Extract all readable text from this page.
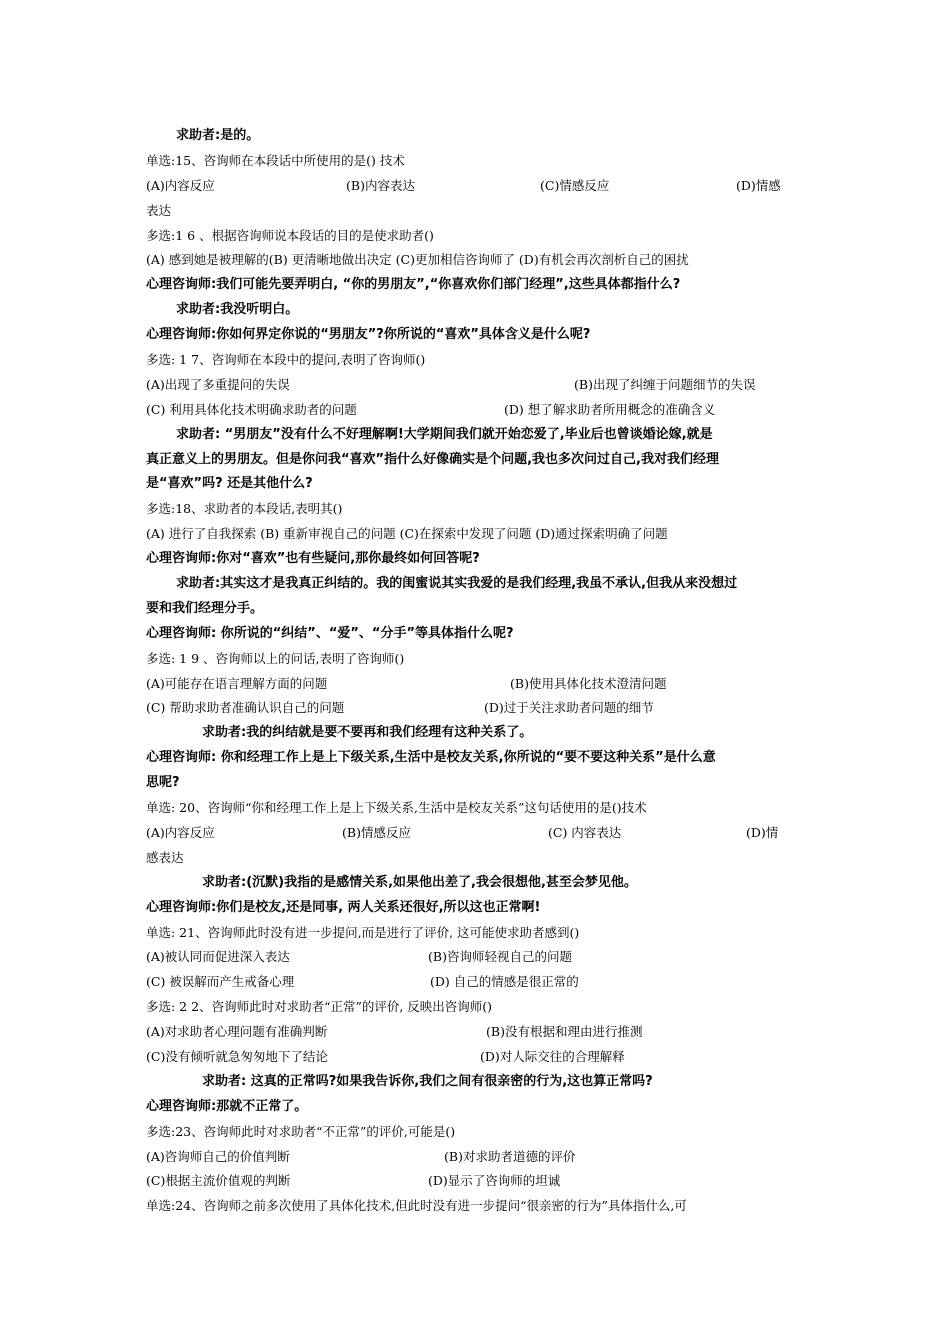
求助者:是的。
单选:15、咨询师在本段话中所使用的是() 技术
(A)内容反应	(B)内容表达	(C)情感反应	(D)情感
表达
多选:1 6 、根据咨询师说本段话的目的是使求助者()
(A) 感到她是被理解的(B) 更清晰地做出决定 (C)更加相信咨询师了 (D)有机会再次剖析自己的困扰
心理咨询师:我们可能先要弄明白, “你的男朋友”,“你喜欢你们部门经理”,这些具体都指什么?
求助者:我没听明白。
心理咨询师:你如何界定你说的“男朋友”?你所说的“喜欢”具体含义是什么呢?
多选: 1 7、咨询师在本段中的提问,表明了咨询师()
(A)出现了多重提问的失误	(B)出现了纠缠于问题细节的失误
(C) 利用具体化技术明确求助者的问题	(D) 想了解求助者所用概念的准确含义
求助者: “男朋友”没有什么不好理解啊!大学期间我们就开始恋爱了,毕业后也曾谈婚论嫁,就是
真正意义上的男朋友。但是你问我“喜欢”指什么好像确实是个问题,我也多次问过自己,我对我们经理
是“喜欢”吗? 还是其他什么?
多选:18、求助者的本段话,表明其()
(A) 进行了自我探索 (B) 重新审视自己的问题 (C)在探索中发现了问题 (D)通过探索明确了问题
心理咨询师:你对“喜欢”也有些疑问,那你最终如何回答呢?
求助者:其实这才是我真正纠结的。我的闺蜜说其实我爱的是我们经理,我虽不承认,但我从来没想过
要和我们经理分手。
心理咨询师: 你所说的“纠结”、“爱”、“分手”等具体指什么呢?
多选: 1 9 、咨询师以上的问话,表明了咨询师()
(A)可能存在语言理解方面的问题	(B)使用具体化技术澄清问题
(C) 帮助求助者准确认识自己的问题	(D)过于关注求助者问题的细节
求助者:我的纠结就是要不要再和我们经理有这种关系了。
心理咨询师: 你和经理工作上是上下级关系,生活中是校友关系,你所说的“要不要这种关系”是什么意
思呢?
单选: 20、咨询师“你和经理工作上是上下级关系,生活中是校友关系”这句话使用的是()技术
(A)内容反应	(B)情感反应	(C) 内容表达	(D)情
感表达
求助者:(沉默)我指的是感情关系,如果他出差了,我会很想他,甚至会梦见他。
心理咨询师:你们是校友,还是同事, 两人关系还很好,所以这也正常啊!
单选: 21、咨询师此时没有进一步提问,而是进行了评价, 这可能使求助者感到()
(A)被认同而促进深入表达	(B)咨询师轻视自己的问题
(C) 被误解而产生戒备心理	(D) 自己的情感是很正常的
多选: 2 2、咨询师此时对求助者“正常”的评价, 反映出咨询师()
(A)对求助者心理问题有准确判断	(B)没有根据和理由进行推测
(C)没有倾听就急匆匆地下了结论	(D)对人际交往的合理解释
求助者: 这真的正常吗?如果我告诉你,我们之间有很亲密的行为,这也算正常吗?
心理咨询师:那就不正常了。
多选:23、咨询师此时对求助者“不正常”的评价,可能是()
(A)咨询师自己的价值判断	(B)对求助者道德的评价
(C)根据主流价值观的判断	(D)显示了咨询师的坦诚
单选:24、咨询师之前多次使用了具体化技术,但此时没有进一步提问“很亲密的行为”具体指什么,可
